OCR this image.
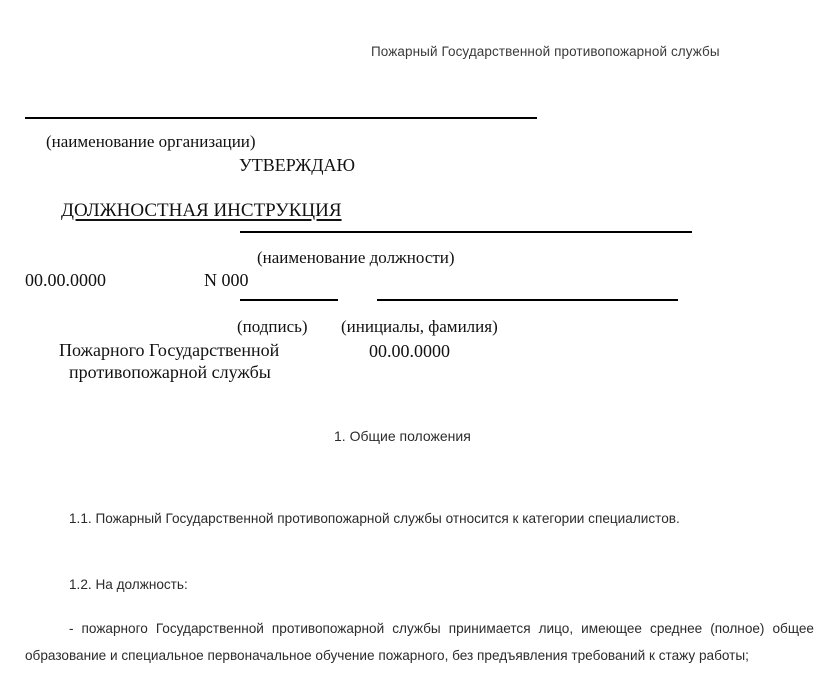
Пожарный Государственной противопожарной службы
(наименование организации)
УТВЕРЖДАЮ
ДОЛЖНОСТНАЯ ИНСТРУКЦИЯ
(наименование должности)
00.00.0000	N 000
(подпись) (инициалы, фамилия)
Пожарного Государственной
противопожарной службы
00.00.0000
1. Общие положения
1.1. Пожарный Государственной противопожарной службы относится к категории специалистов.
1.2. На должность:
- пожарного Государственной противопожарной службы принимается лицо, имеющее среднее (полное) общее образование и специальное первоначальное обучение пожарного, без предъявления требований к стажу работы;
